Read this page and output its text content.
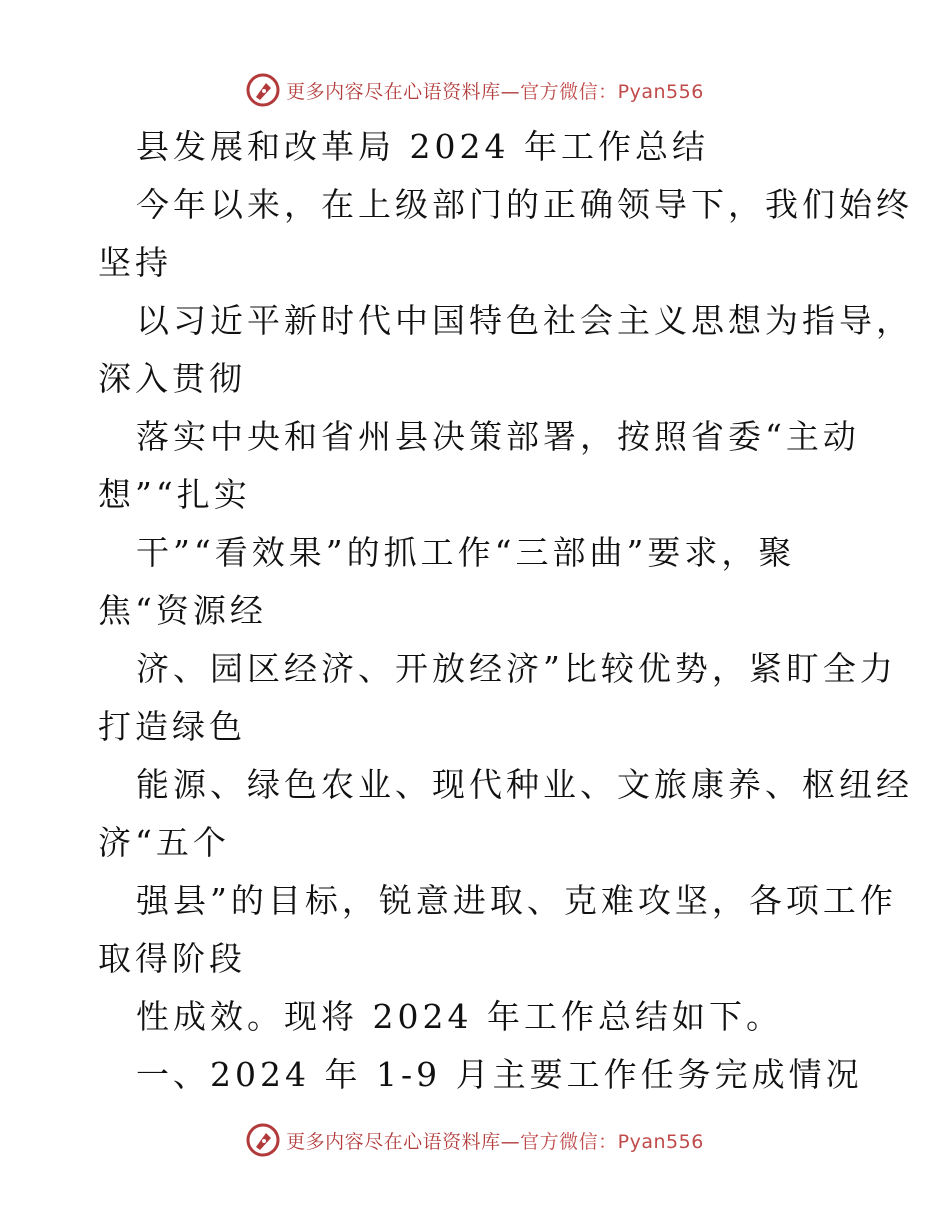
更多内容尽在心语资料库—官方微信：Pyan556
县发展和改革局 2024 年工作总结
今年以来，在上级部门的正确领导下，我们始终
坚持
以习近平新时代中国特色社会主义思想为指导，
深入贯彻
落实中央和省州县决策部署，按照省委“主动
想”“扎实
干”“看效果”的抓工作“三部曲”要求，聚
焦“资源经
济、园区经济、开放经济”比较优势，紧盯全力
打造绿色
能源、绿色农业、现代种业、文旅康养、枢纽经
济“五个
强县”的目标，锐意进取、克难攻坚，各项工作
取得阶段
性成效。现将 2024 年工作总结如下。
一、2024 年 1-9 月主要工作任务完成情况
更多内容尽在心语资料库—官方微信：Pyan556
